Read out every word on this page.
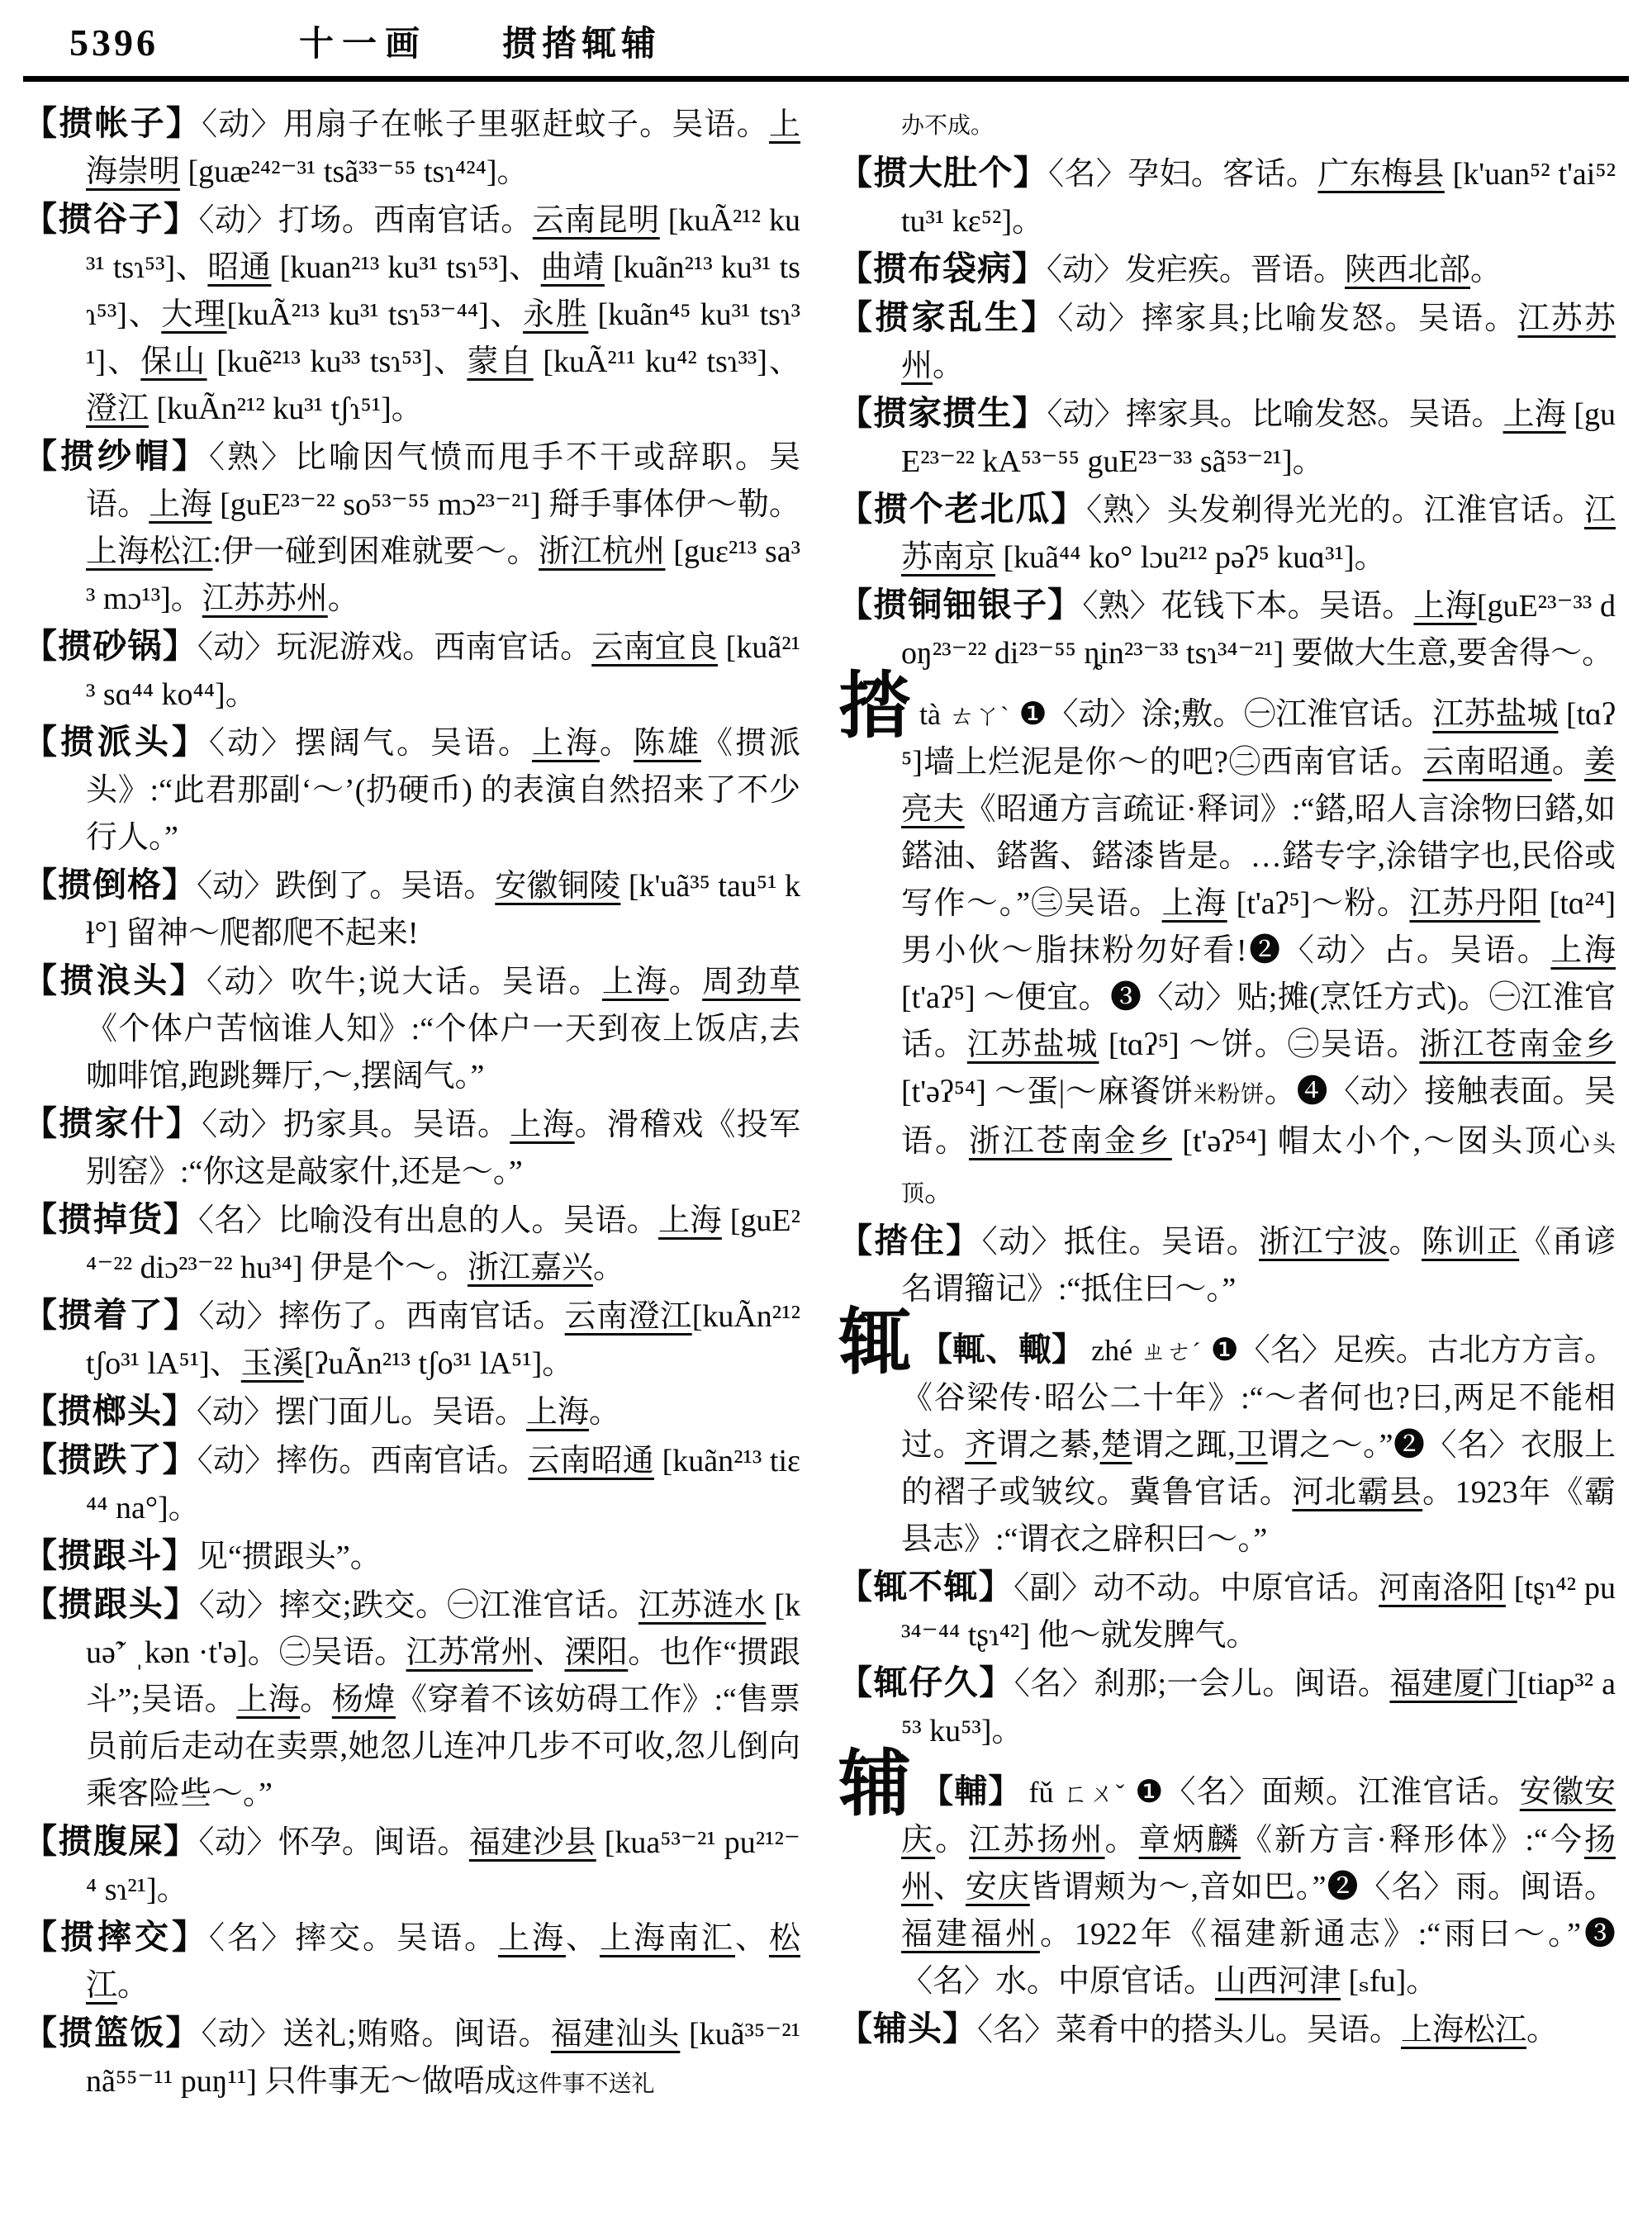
5396	十一画 掼㧺辄辅

【掼帐子】〈动〉用扇子在帐子里驱赶蚊子。吴语。上海崇明 [guæ²⁴²⁻³¹ tsã³³⁻⁵⁵ tsɿ⁴²⁴]。

【掼谷子】〈动〉打场。西南官话。云南昆明 [kuÃ²¹² ku³¹ tsɿ⁵³]、昭通 [kuan²¹³ ku³¹ tsɿ⁵³]、曲靖 [kuãn²¹³ ku³¹ tsɿ⁵³]、大理[kuÃ²¹³ ku³¹ tsɿ⁵³⁻⁴⁴]、永胜 [kuãn⁴⁵ ku³¹ tsɿ³¹]、保山 [kuẽ²¹³ ku³³ tsɿ⁵³]、蒙自 [kuÃ²¹¹ ku⁴² tsɿ³³]、澄江 [kuÃn²¹² ku³¹ tʃɿ⁵¹]。

【掼纱帽】〈熟〉比喻因气愤而甩手不干或辞职。吴语。上海 [guE²³⁻²² so⁵³⁻⁵⁵ mɔ²³⁻²¹] 搿手事体伊～勒。上海松江:伊一碰到困难就要～。浙江杭州 [guɛ²¹³ sa³³ mɔ¹³]。江苏苏州。

【掼砂锅】〈动〉玩泥游戏。西南官话。云南宜良 [kuã²¹³ sɑ⁴⁴ ko⁴⁴]。

【掼派头】〈动〉摆阔气。吴语。上海。陈雄《掼派头》:“此君那副‘～’(扔硬币) 的表演自然招来了不少行人。”

【掼倒格】〈动〉跌倒了。吴语。安徽铜陵 [k'uã³⁵ tau⁵¹ kɫ°] 留神～爬都爬不起来!

【掼浪头】〈动〉吹牛;说大话。吴语。上海。周劲草《个体户苦恼谁人知》:“个体户一天到夜上饭店,去咖啡馆,跑跳舞厅,～,摆阔气。”

【掼家什】〈动〉扔家具。吴语。上海。滑稽戏《投军别窑》:“你这是敲家什,还是～。”

【掼掉货】〈名〉比喻没有出息的人。吴语。上海 [guE²⁴⁻²² diɔ²³⁻²² hu³⁴] 伊是个～。浙江嘉兴。

【掼着了】〈动〉摔伤了。西南官话。云南澄江[kuÃn²¹² tʃo³¹ lA⁵¹]、玉溪[ʔuÃn²¹³ tʃo³¹ lA⁵¹]。

【掼榔头】〈动〉摆门面儿。吴语。上海。

【掼跌了】〈动〉摔伤。西南官话。云南昭通 [kuãn²¹³ tiɛ⁴⁴ na°]。

【掼跟斗】见“掼跟头”。

【掼跟头】〈动〉摔交;跌交。㊀江淮官话。江苏涟水 [kuə̃ʼ ˌkən ·t'ə]。㊁吴语。江苏常州、溧阳。也作“掼跟斗”;吴语。上海。杨煒《穿着不该妨碍工作》:“售票员前后走动在卖票,她忽儿连冲几步不可收,忽儿倒向乘客险些～。”

【掼腹屎】〈动〉怀孕。闽语。福建沙县 [kua⁵³⁻²¹ pu²¹²⁻⁴ sɿ²¹]。

【掼摔交】〈名〉摔交。吴语。上海、上海南汇、松江。

【掼篮饭】〈动〉送礼;贿赂。闽语。福建汕头 [kuã³⁵⁻²¹ nã⁵⁵⁻¹¹ puŋ¹¹] 只件事无～做唔成这件事不送礼

办不成。

【掼大肚个】〈名〉孕妇。客话。广东梅县 [k'uan⁵² t'ai⁵² tu³¹ kɛ⁵²]。

【掼布袋病】〈动〉发疟疾。晋语。陕西北部。

【掼家乱生】〈动〉摔家具;比喻发怒。吴语。江苏苏州。

【掼家掼生】〈动〉摔家具。比喻发怒。吴语。上海 [guE²³⁻²² kA⁵³⁻⁵⁵ guE²³⁻³³ sã⁵³⁻²¹]。

【掼个老北瓜】〈熟〉头发剃得光光的。江淮官话。江苏南京 [kuã⁴⁴ ko° lɔu²¹² pəʔ⁵ kuɑ³¹]。

【掼铜钿银子】〈熟〉花钱下本。吴语。上海[guE²³⁻³³ doŋ²³⁻²² di²³⁻⁵⁵ ȵin²³⁻³³ tsɿ³⁴⁻²¹] 要做大生意,要舍得～。

㧺tà ㄊㄚˋ ❶〈动〉涂;敷。㊀江淮官话。江苏盐城 [tɑʔ⁵]墙上烂泥是你～的吧?㊁西南官话。云南昭通。姜亮夫《昭通方言疏证·释词》:“鎝,昭人言涂物曰鎝,如鎝油、鎝酱、鎝漆皆是。…鎝专字,涂错字也,民俗或写作～。”㊂吴语。上海 [t'aʔ⁵]～粉。江苏丹阳 [tɑ²⁴] 男小伙～脂抹粉勿好看!❷〈动〉占。吴语。上海 [t'aʔ⁵] ～便宜。❸〈动〉贴;摊(烹饪方式)。㊀江淮官话。江苏盐城 [tɑʔ⁵] ～饼。㊁吴语。浙江苍南金乡 [t'əʔ⁵⁴] ～蛋|～麻餈饼米粉饼。❹〈动〉接触表面。吴语。浙江苍南金乡 [t'əʔ⁵⁴] 帽太小个,～囡头顶心头顶。

【㧺住】〈动〉抵住。吴语。浙江宁波。陈训正《甬谚名谓籀记》:“抵住曰～。”

辄 【輒、輙】 zhé ㄓㄜˊ ❶〈名〉足疾。古北方方言。《谷梁传·昭公二十年》:“～者何也?曰,两足不能相过。齐谓之綦,楚谓之踂,卫谓之～。”❷〈名〉衣服上的褶子或皱纹。冀鲁官话。河北霸县。1923年《霸县志》:“谓衣之辟积曰～。”

【辄不辄】〈副〉动不动。中原官话。河南洛阳 [tʂɿ⁴² pu³⁴⁻⁴⁴ tʂɿ⁴²] 他～就发脾气。

【辄仔久】〈名〉刹那;一会儿。闽语。福建厦门[tiap³² a⁵³ ku⁵³]。

辅 【輔】 fǔ ㄈㄨˇ ❶〈名〉面颊。江淮官话。安徽安庆。江苏扬州。章炳麟《新方言·释形体》:“今扬州、安庆皆谓颊为～,音如巴。”❷〈名〉雨。闽语。福建福州。1922年《福建新通志》:“雨曰～。”❸〈名〉水。中原官话。山西河津 [ₛfu]。

【辅头】〈名〉菜肴中的搭头儿。吴语。上海松江。
